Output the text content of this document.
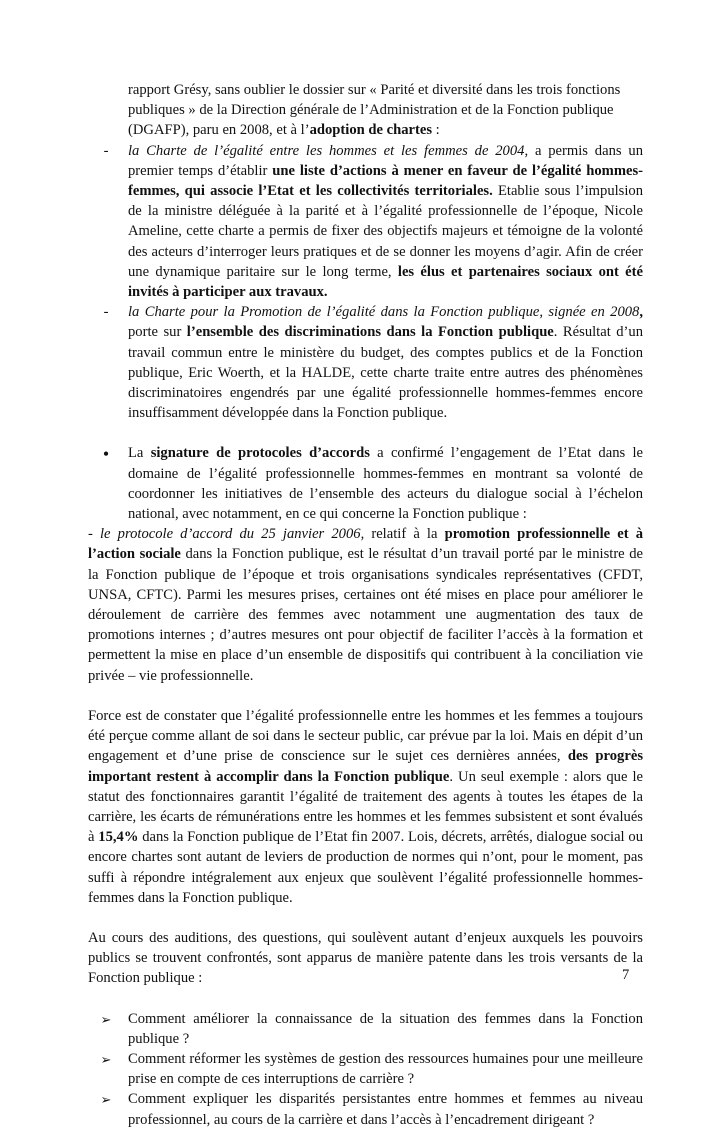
rapport Grésy, sans oublier le dossier sur « Parité et diversité dans les trois fonctions
publiques » de la Direction générale de l’Administration et de la Fonction publique
(DGAFP), paru en 2008, et à l’adoption de chartes :

-	la Charte de l’égalité entre les hommes et les femmes de 2004, a permis dans un premier temps d’établir une liste d’actions à mener en faveur de l’égalité hommes-femmes, qui associe l’Etat et les collectivités territoriales. Etablie sous l’impulsion de la ministre déléguée à la parité et à l’égalité professionnelle de l’époque, Nicole Ameline, cette charte a permis de fixer des objectifs majeurs et témoigne de la volonté des acteurs d’interroger leurs pratiques et de se donner les moyens d’agir. Afin de créer une dynamique paritaire sur le long terme, les élus et partenaires sociaux ont été invités à participer aux travaux.

-	la Charte pour la Promotion de l’égalité dans la Fonction publique, signée en 2008, porte sur l’ensemble des discriminations dans la Fonction publique. Résultat d’un travail commun entre le ministère du budget, des comptes publics et de la Fonction publique, Eric Woerth, et la HALDE, cette charte traite entre autres des phénomènes discriminatoires engendrés par une égalité professionnelle hommes-femmes encore insuffisamment développée dans la Fonction publique.

•	La signature de protocoles d’accords a confirmé l’engagement de l’Etat dans le domaine de l’égalité professionnelle hommes-femmes en montrant sa volonté de coordonner les initiatives de l’ensemble des acteurs du dialogue social à l’échelon national, avec notamment, en ce qui concerne la Fonction publique :

- le protocole d’accord du 25 janvier 2006, relatif à la promotion professionnelle et à l’action sociale dans la Fonction publique, est le résultat d’un travail porté par le ministre de la Fonction publique de l’époque et trois organisations syndicales représentatives (CFDT, UNSA, CFTC). Parmi les mesures prises, certaines ont été mises en place pour améliorer le déroulement de carrière des femmes avec notamment une augmentation des taux de promotions internes ; d’autres mesures ont pour objectif de faciliter l’accès à la formation et permettent la mise en place d’un ensemble de dispositifs qui contribuent à la conciliation vie privée – vie professionnelle.

Force est de constater que l’égalité professionnelle entre les hommes et les femmes a toujours été perçue comme allant de soi dans le secteur public, car prévue par la loi. Mais en dépit d’un engagement et d’une prise de conscience sur le sujet ces dernières années, des progrès important restent à accomplir dans la Fonction publique. Un seul exemple : alors que le statut des fonctionnaires garantit l’égalité de traitement des agents à toutes les étapes de la carrière, les écarts de rémunérations entre les hommes et les femmes subsistent et sont évalués à 15,4% dans la Fonction publique de l’Etat fin 2007. Lois, décrets, arrêtés, dialogue social ou encore chartes sont autant de leviers de production de normes qui n’ont, pour le moment, pas suffi à répondre intégralement aux enjeux que soulèvent l’égalité professionnelle hommes-femmes dans la Fonction publique.

Au cours des auditions, des questions, qui soulèvent autant d’enjeux auxquels les pouvoirs publics se trouvent confrontés, sont apparus de manière patente dans les trois versants de la Fonction publique :

➢	Comment améliorer la connaissance de la situation des femmes dans la Fonction publique ?

➢	Comment réformer les systèmes de gestion des ressources humaines pour une meilleure prise en compte de ces interruptions de carrière ?

➢	Comment expliquer les disparités persistantes entre hommes et femmes au niveau professionnel, au cours de la carrière et dans l’accès à l’encadrement dirigeant ?

7
